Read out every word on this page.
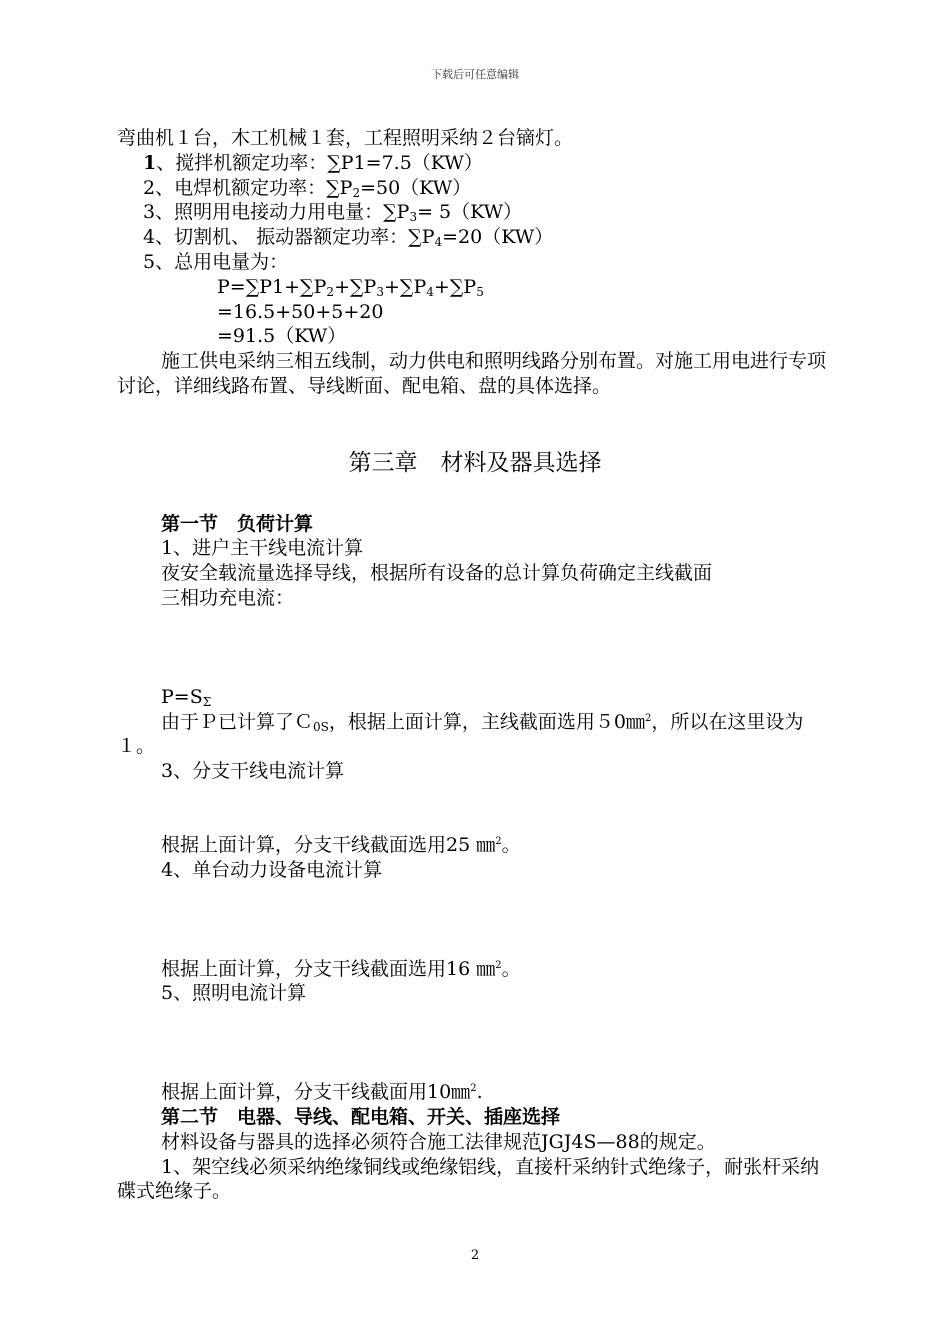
下载后可任意编辑
弯曲机１台，木工机械１套，工程照明采纳２台镝灯。
1、搅拌机额定功率：∑P1=7.5（KW）
2、电焊机额定功率：$\sum P_2=50(KW)$
3、照明用电接动力用电量：$\sum P_3= 5(KW)$
4、切割机、 振动器额定功率：$\sum P_4=20(KW)$
5、总用电量为：
$P=\sum P1+\sum P_2+\sum P_3+\sum P_4+\sum P_5$
=16.5+50+5+20
=91.5（KW）
施工供电采纳三相五线制，动力供电和照明线路分别布置。对施工用电进行专项讨论，详细线路布置、导线断面、配电箱、盘的具体选择。
第三章　材料及器具选择
第一节　负荷计算
1、进户主干线电流计算
夜安全载流量选择导线，根据所有设备的总计算负荷确定主线截面
三相功充电流：
$P=S_\Sigma$
由于Ｐ已计算了Ｃ$_{0S}$，根据上面计算，主线截面选用５0㎜$^2$，所以在这里设为１。
3、分支干线电流计算
根据上面计算，分支干线截面选用25 ㎜$^2$。
4、单台动力设备电流计算
根据上面计算，分支干线截面选用16 ㎜$^2$。
5、照明电流计算
根据上面计算，分支干线截面用10㎜$^2$.
第二节　电器、导线、配电箱、开关、插座选择
材料设备与器具的选择必须符合施工法律规范JGJ4S—88的规定。
1、架空线必须采纳绝缘铜线或绝缘铝线，直接杆采纳针式绝缘子，耐张杆采纳碟式绝缘子。
2
